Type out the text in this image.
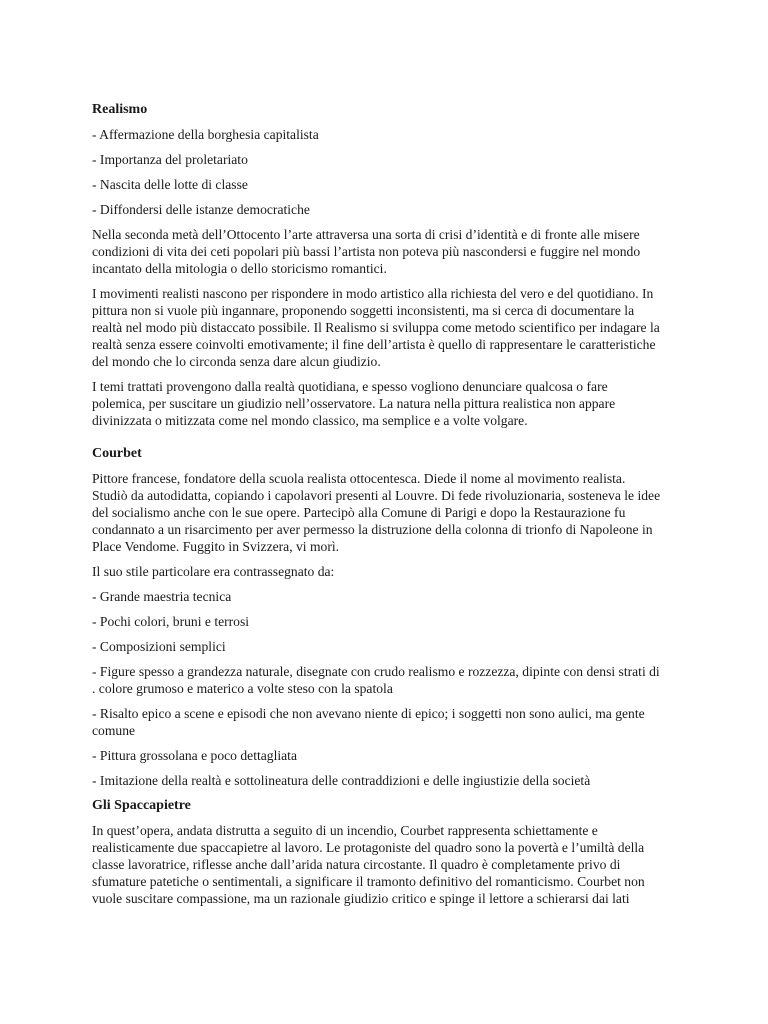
Realismo
- Affermazione della borghesia capitalista
- Importanza del proletariato
- Nascita delle lotte di classe
- Diffondersi delle istanze democratiche

Nella seconda metà dell’Ottocento l’arte attraversa una sorta di crisi d’identità e di fronte alle misere condizioni di vita dei ceti popolari più bassi l’artista non poteva più nascondersi e fuggire nel mondo incantato della mitologia o dello storicismo romantici.

I movimenti realisti nascono per rispondere in modo artistico alla richiesta del vero e del quotidiano. In pittura non si vuole più ingannare, proponendo soggetti inconsistenti, ma si cerca di documentare la realtà nel modo più distaccato possibile. Il Realismo si sviluppa come metodo scientifico per indagare la realtà senza essere coinvolti emotivamente; il fine dell’artista è quello di rappresentare le caratteristiche del mondo che lo circonda senza dare alcun giudizio.

I temi trattati provengono dalla realtà quotidiana, e spesso vogliono denunciare qualcosa o fare polemica, per suscitare un giudizio nell’osservatore. La natura nella pittura realistica non appare divinizzata o mitizzata come nel mondo classico, ma semplice e a volte volgare.

Courbet

Pittore francese, fondatore della scuola realista ottocentesca. Diede il nome al movimento realista. Studiò da autodidatta, copiando i capolavori presenti al Louvre. Di fede rivoluzionaria, sosteneva le idee del socialismo anche con le sue opere. Partecipò alla Comune di Parigi e dopo la Restaurazione fu condannato a un risarcimento per aver permesso la distruzione della colonna di trionfo di Napoleone in Place Vendome. Fuggito in Svizzera, vi morì.

Il suo stile particolare era contrassegnato da:

- Grande maestria tecnica
- Pochi colori, bruni e terrosi
- Composizioni semplici
- Figure spesso a grandezza naturale, disegnate con crudo realismo e rozzezza, dipinte con densi strati di . colore grumoso e materico a volte steso con la spatola
- Risalto epico a scene e episodi che non avevano niente di epico; i soggetti non sono aulici, ma gente comune
- Pittura grossolana e poco dettagliata
- Imitazione della realtà e sottolineatura delle contraddizioni e delle ingiustizie della società
Gli Spaccapietre

In quest’opera, andata distrutta a seguito di un incendio, Courbet rappresenta schiettamente e realisticamente due spaccapietre al lavoro. Le protagoniste del quadro sono la povertà e l’umiltà della classe lavoratrice, riflesse anche dall’arida natura circostante. Il quadro è completamente privo di sfumature patetiche o sentimentali, a significare il tramonto definitivo del romanticismo. Courbet non vuole suscitare compassione, ma un razionale giudizio critico e spinge il lettore a schierarsi dai lati
